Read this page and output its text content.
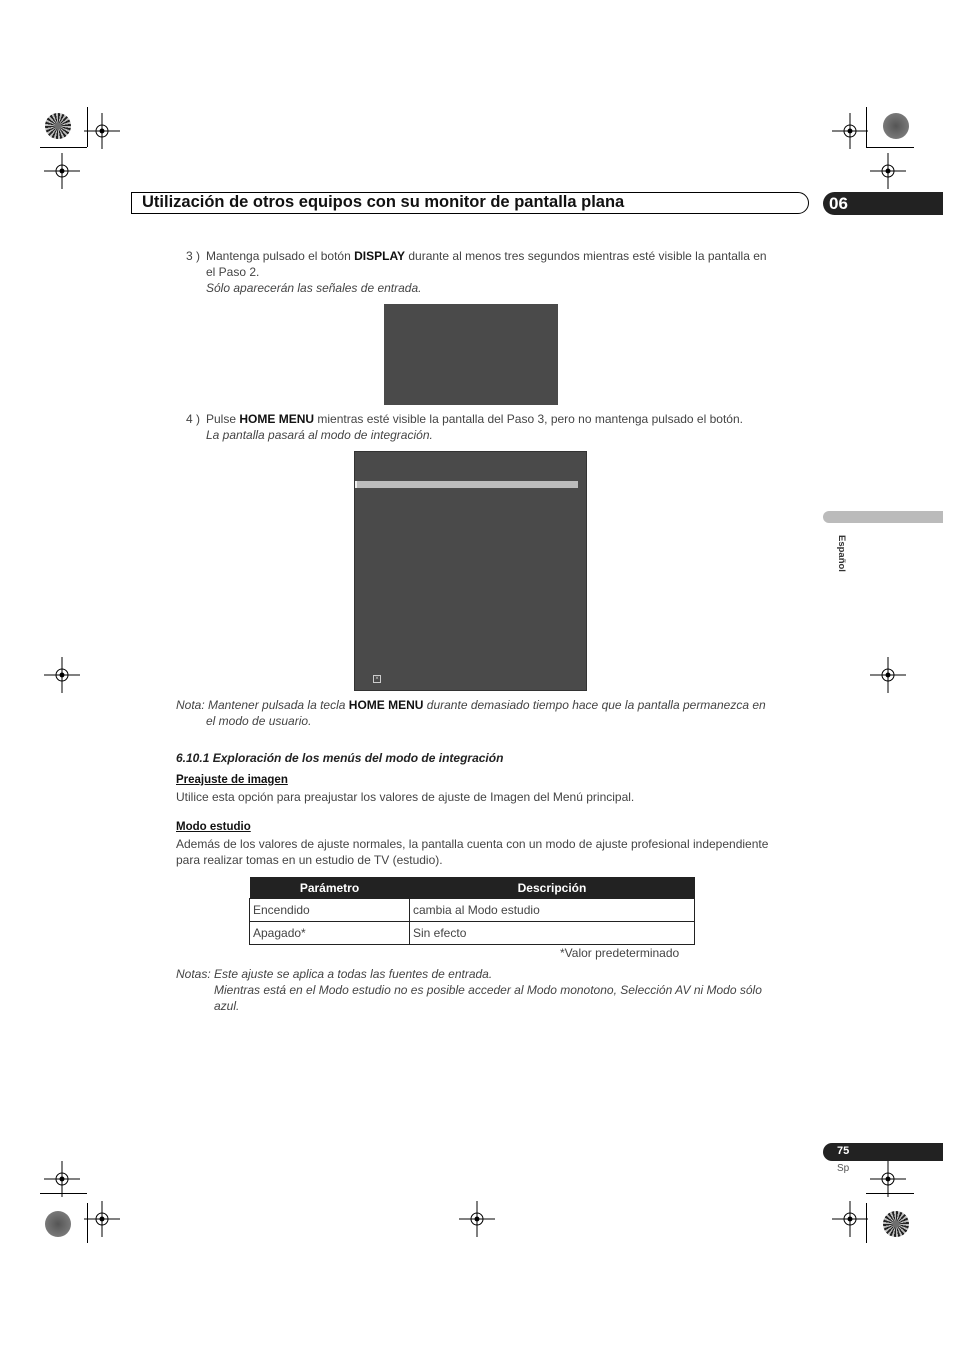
Utilización de otros equipos con su monitor de pantalla plana	06
Español
3 ) Mantenga pulsado el botón DISPLAY durante al menos tres segundos mientras esté visible la pantalla en
el Paso 2.
Sólo aparecerán las señales de entrada.
4 ) Pulse HOME MENU mientras esté visible la pantalla del Paso 3, pero no mantenga pulsado el botón.
La pantalla pasará al modo de integración.
×
Nota: Mantener pulsada la tecla HOME MENU durante demasiado tiempo hace que la pantalla permanezca en
el modo de usuario.
6.10.1 Exploración de los menús del modo de integración
Preajuste de imagen
Utilice esta opción para preajustar los valores de ajuste de Imagen del Menú principal.
Modo estudio
Además de los valores de ajuste normales, la pantalla cuenta con un modo de ajuste profesional independiente
para realizar tomas en un estudio de TV (estudio).
Parámetro	Descripción
Encendido	cambia al Modo estudio
Apagado*	Sin efecto
*Valor predeterminado
Notas: Este ajuste se aplica a todas las fuentes de entrada.
Mientras está en el Modo estudio no es posible acceder al Modo monotono, Selección AV ni Modo sólo
azul.
75
Sp
